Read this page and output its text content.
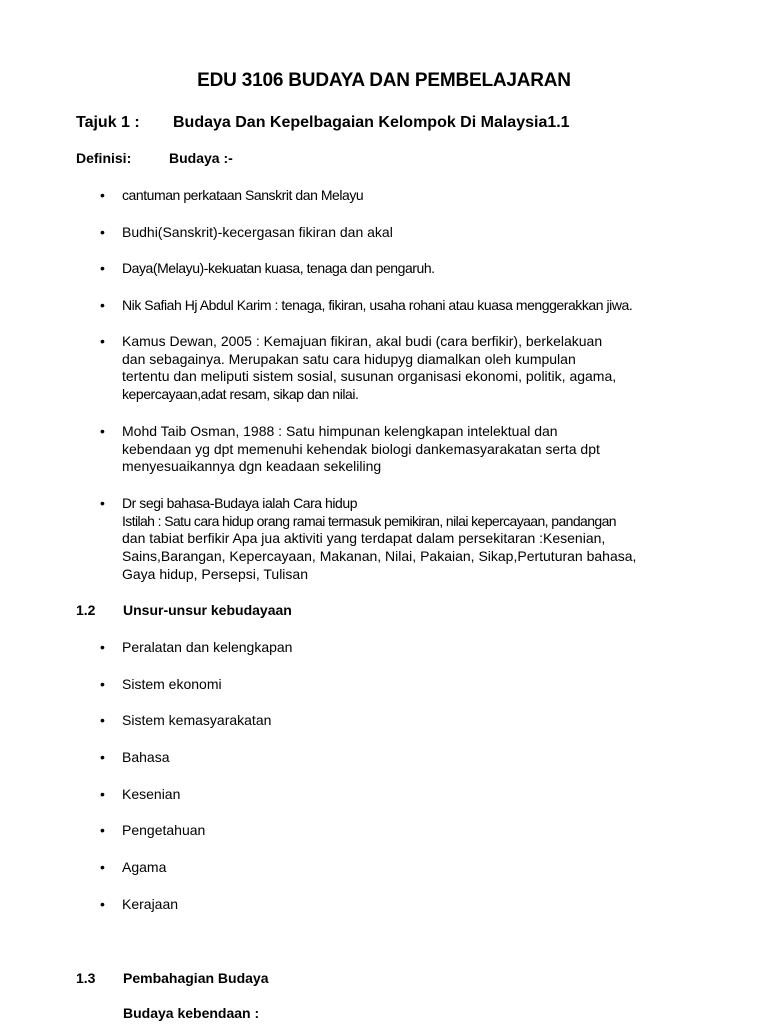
EDU 3106 BUDAYA DAN PEMBELAJARAN
Tajuk 1 : Budaya Dan Kepelbagaian Kelompok Di Malaysia1.1
Definisi:	Budaya :-
• cantuman perkataan Sanskrit dan Melayu
• Budhi(Sanskrit)-kecergasan fikiran dan akal
• Daya(Melayu)-kekuatan kuasa, tenaga dan pengaruh.
• Nik Safiah Hj Abdul Karim : tenaga, fikiran, usaha rohani atau kuasa menggerakkan jiwa.
• Kamus Dewan, 2005 : Kemajuan fikiran, akal budi (cara berfikir), berkelakuan
dan sebagainya. Merupakan satu cara hidupyg diamalkan oleh kumpulan
tertentu dan meliputi sistem sosial, susunan organisasi ekonomi, politik, agama,
kepercayaan,adat resam, sikap dan nilai.
• Mohd Taib Osman, 1988 : Satu himpunan kelengkapan intelektual dan
kebendaan yg dpt memenuhi kehendak biologi dankemasyarakatan serta dpt
menyesuaikannya dgn keadaan sekeliling
• Dr segi bahasa-Budaya ialah Cara hidup
Istilah : Satu cara hidup orang ramai termasuk pemikiran, nilai kepercayaan, pandangan
dan tabiat berfikir Apa jua aktiviti yang terdapat dalam persekitaran :Kesenian,
Sains,Barangan, Kepercayaan, Makanan, Nilai, Pakaian, Sikap,Pertuturan bahasa,
Gaya hidup, Persepsi, Tulisan
1.2 Unsur-unsur kebudayaan
• Peralatan dan kelengkapan
• Sistem ekonomi
• Sistem kemasyarakatan
• Bahasa
• Kesenian
• Pengetahuan
• Agama
• Kerajaan
1.3 Pembahagian Budaya
Budaya kebendaan :
